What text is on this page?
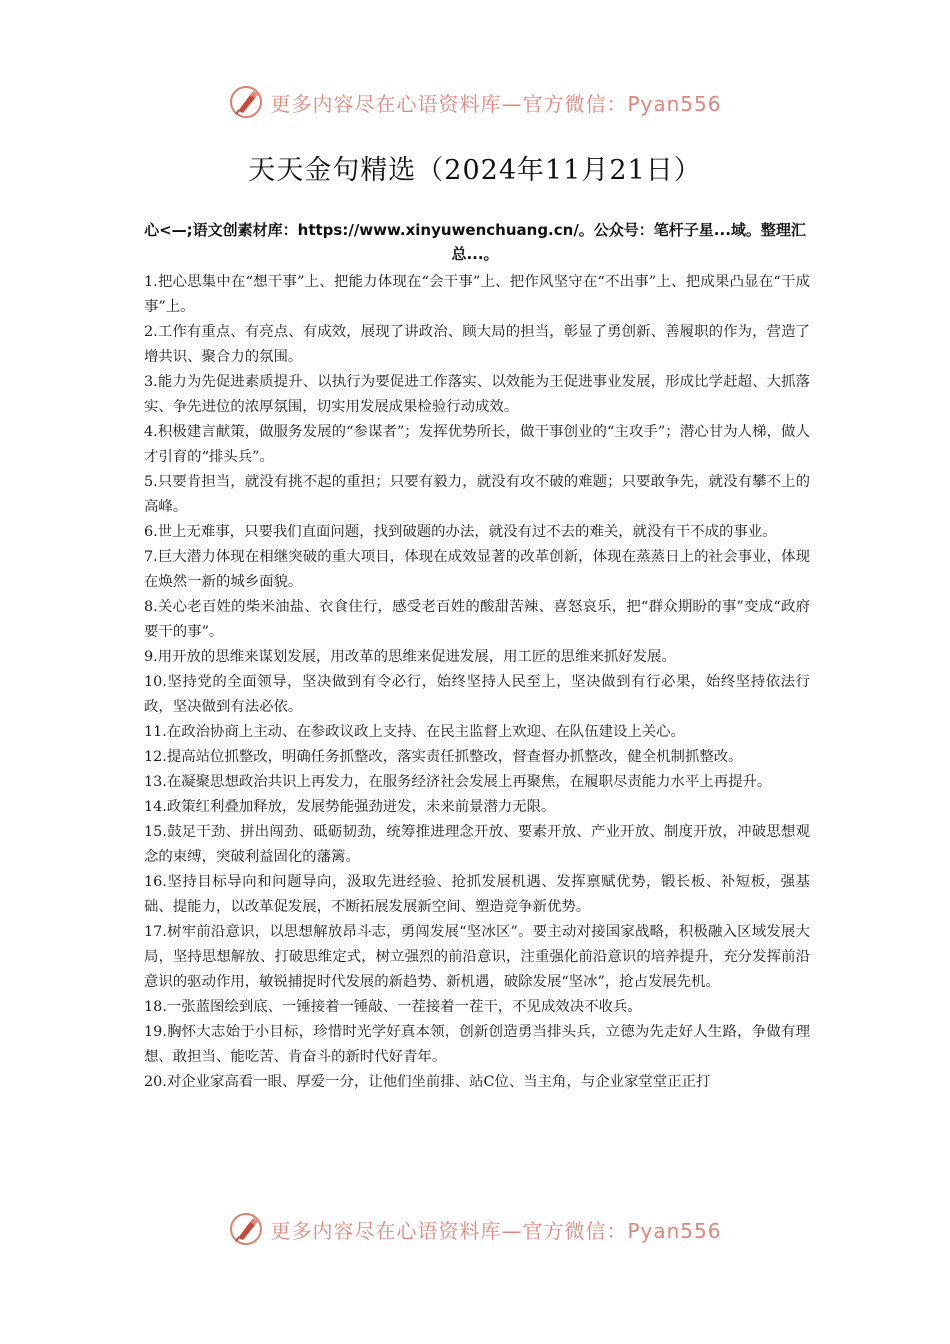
更多内容尽在心语资料库—官方微信：Pyan556
天天金句精选（2024年11月21日）
心<—;语文创素材库：https://www.xinyuwenchuang.cn/。公众号：笔杆子星...域。整理汇总...。
1.把心思集中在“想干事”上、把能力体现在“会干事”上、把作风坚守在“不出事”上、把成果凸显在“干成事”上。
2.工作有重点、有亮点、有成效，展现了讲政治、顾大局的担当，彰显了勇创新、善履职的作为，营造了增共识、聚合力的氛围。
3.能力为先促进素质提升、以执行为要促进工作落实、以效能为王促进事业发展，形成比学赶超、大抓落实、争先进位的浓厚氛围，切实用发展成果检验行动成效。
4.积极建言献策，做服务发展的“参谋者”；发挥优势所长，做干事创业的“主攻手”；潜心甘为人梯，做人才引育的“排头兵”。
5.只要肯担当，就没有挑不起的重担；只要有毅力，就没有攻不破的难题；只要敢争先，就没有攀不上的高峰。
6.世上无难事，只要我们直面问题，找到破题的办法，就没有过不去的难关，就没有干不成的事业。
7.巨大潜力体现在相继突破的重大项目，体现在成效显著的改革创新，体现在蒸蒸日上的社会事业，体现在焕然一新的城乡面貌。
8.关心老百姓的柴米油盐、衣食住行，感受老百姓的酸甜苦辣、喜怒哀乐，把“群众期盼的事”变成“政府要干的事”。
9.用开放的思维来谋划发展，用改革的思维来促进发展，用工匠的思维来抓好发展。
10.坚持党的全面领导，坚决做到有令必行，始终坚持人民至上，坚决做到有行必果，始终坚持依法行政，坚决做到有法必依。
11.在政治协商上主动、在参政议政上支持、在民主监督上欢迎、在队伍建设上关心。
12.提高站位抓整改，明确任务抓整改，落实责任抓整改，督查督办抓整改，健全机制抓整改。
13.在凝聚思想政治共识上再发力，在服务经济社会发展上再聚焦，在履职尽责能力水平上再提升。
14.政策红利叠加释放，发展势能强劲迸发，未来前景潜力无限。
15.鼓足干劲、拼出闯劲、砥砺韧劲，统筹推进理念开放、要素开放、产业开放、制度开放，冲破思想观念的束缚，突破利益固化的藩篱。
16.坚持目标导向和问题导向，汲取先进经验、抢抓发展机遇、发挥禀赋优势，锻长板、补短板，强基础、提能力，以改革促发展，不断拓展发展新空间、塑造竞争新优势。
17.树牢前沿意识，以思想解放昂斗志，勇闯发展“坚冰区”。要主动对接国家战略，积极融入区域发展大局，坚持思想解放、打破思维定式，树立强烈的前沿意识，注重强化前沿意识的培养提升，充分发挥前沿意识的驱动作用，敏锐捕捉时代发展的新趋势、新机遇，破除发展“坚冰”，抢占发展先机。
18.一张蓝图绘到底、一锤接着一锤敲、一茬接着一茬干，不见成效决不收兵。
19.胸怀大志始于小目标，珍惜时光学好真本领，创新创造勇当排头兵，立德为先走好人生路，争做有理想、敢担当、能吃苦、肯奋斗的新时代好青年。
20.对企业家高看一眼、厚爱一分，让他们坐前排、站C位、当主角，与企业家堂堂正正打
更多内容尽在心语资料库—官方微信：Pyan556
